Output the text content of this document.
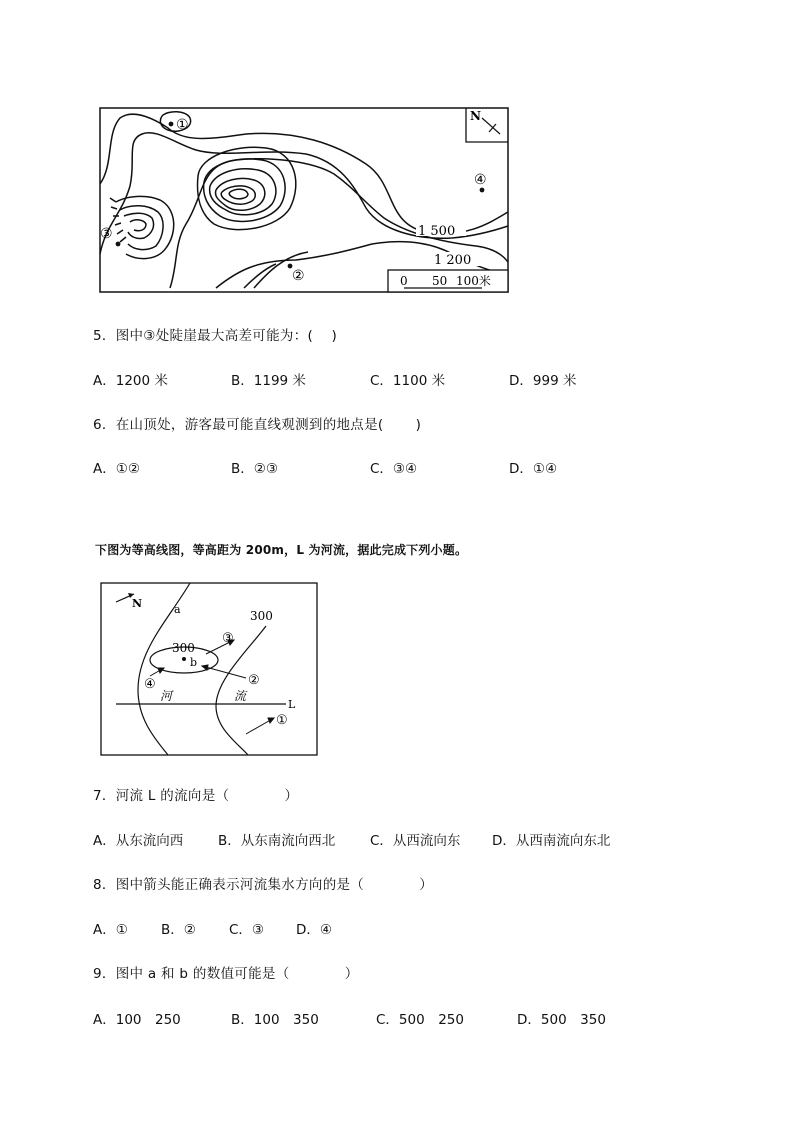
N
①
②
③
④
1 500
1 200
0 50 100米
5．图中③处陡崖最大高差可能为：(　 )
A．1200 米	B．1199 米	C．1100 米	D．999 米
6．在山顶处，游客最可能直线观测到的地点是(　 　)
A．①②	B．②③	C．③④	D．①④
下图为等高线图，等高距为 200m，L 为河流，据此完成下列小题。
N	a	300
300
b
L
河	流
③
②
④
①
7．河流 L 的流向是（　　　　）
A．从东流向西	B．从东南流向西北	C．从西流向东 D．从西南流向东北
8．图中箭头能正确表示河流集水方向的是（　　　　）
A．① B．② C．③ D．④
9．图中 a 和 b 的数值可能是（　　　　）
A．100　250	B．100　350	C．500　250	D．500　350
